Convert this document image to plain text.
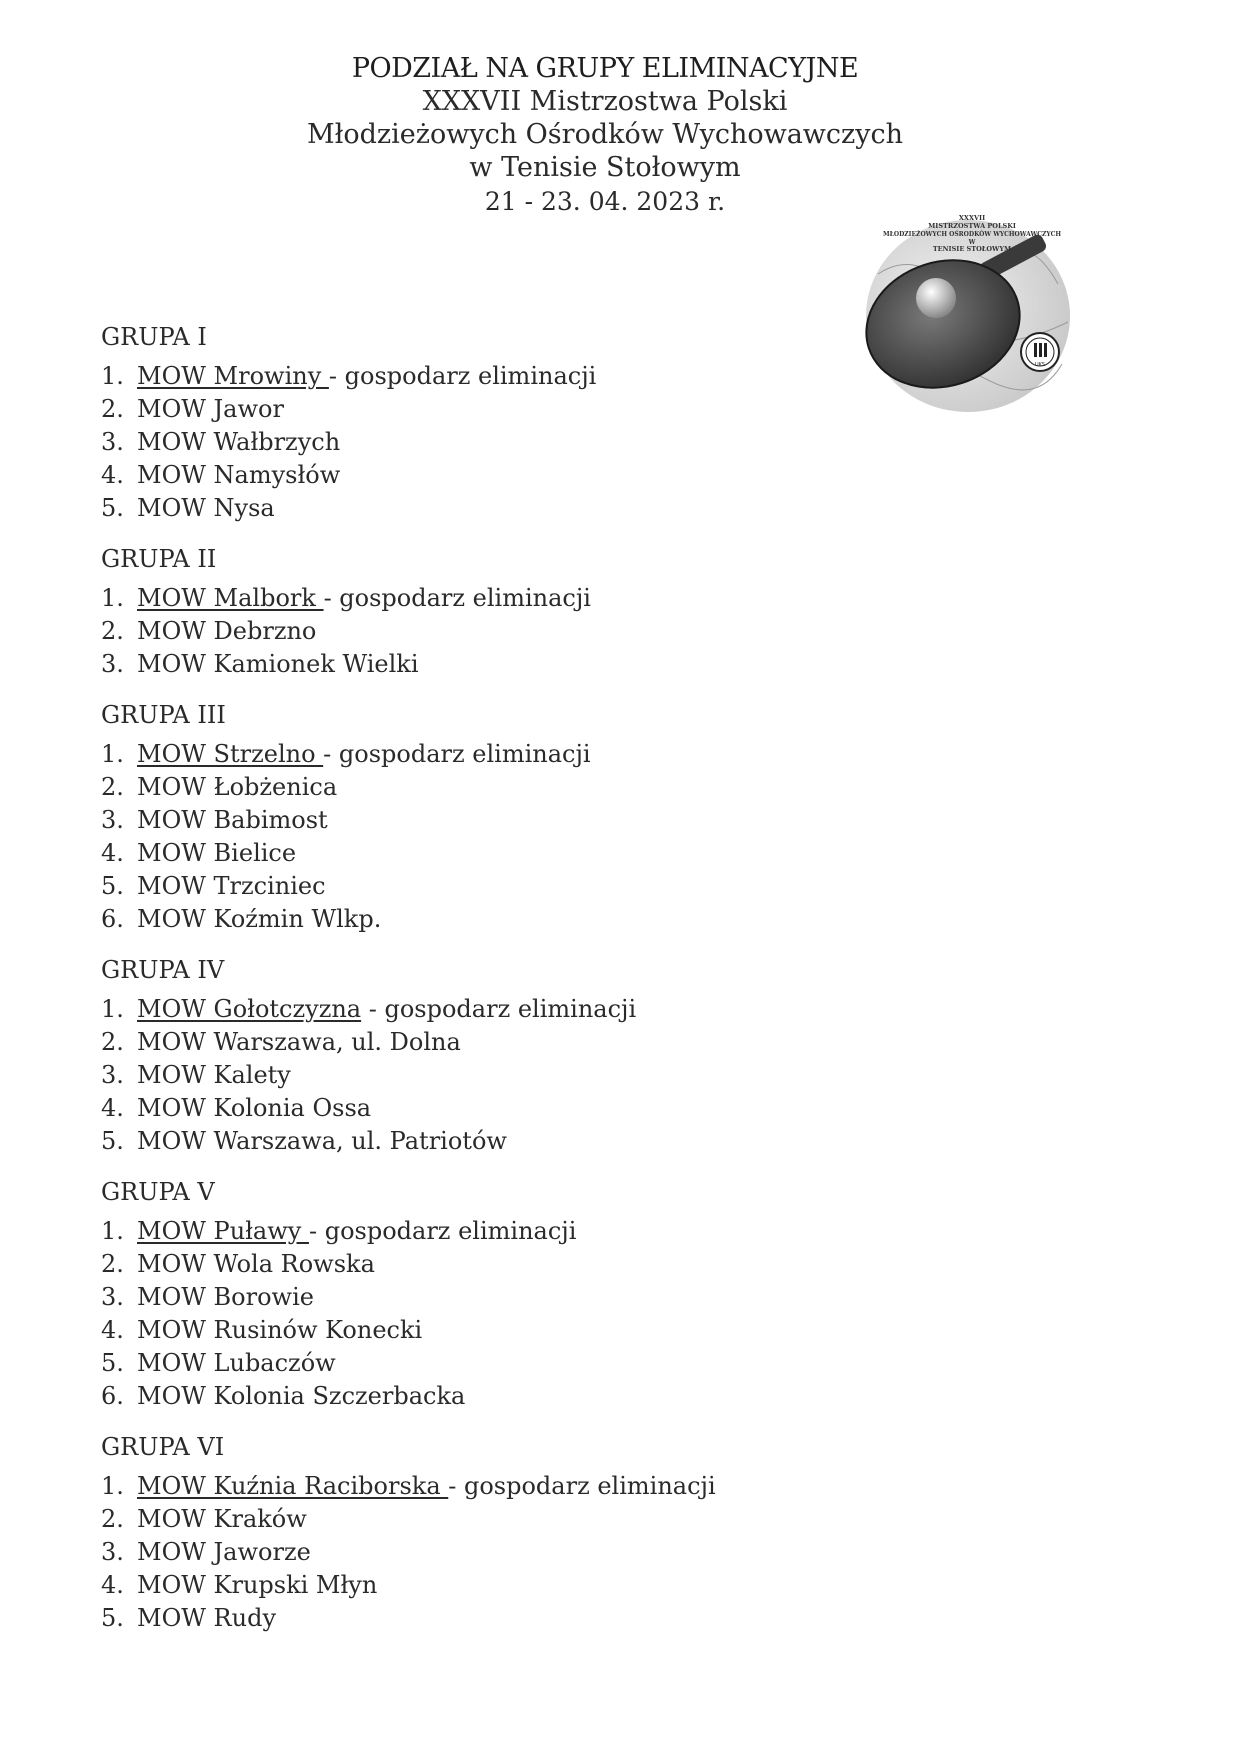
PODZIAŁ NA GRUPY ELIMINACYJNE
XXXVII Mistrzostwa Polski
Młodzieżowych Ośrodków Wychowawczych
w Tenisie Stołowym
21 - 23. 04. 2023 r.
UKS
XXXVII
MISTRZOSTWA POLSKI
MŁODZIEŻOWYCH OŚRODKÓW WYCHOWAWCZYCH
W
TENISIE STOŁOWYM
GRUPA I
1. MOW Mrowiny - gospodarz eliminacji
2. MOW Jawor
3. MOW Wałbrzych
4. MOW Namysłów
5. MOW Nysa
GRUPA II
1. MOW Malbork - gospodarz eliminacji
2. MOW Debrzno
3. MOW Kamionek Wielki
GRUPA III
1. MOW Strzelno - gospodarz eliminacji
2. MOW Łobżenica
3. MOW Babimost
4. MOW Bielice
5. MOW Trzciniec
6. MOW Koźmin Wlkp.
GRUPA IV
1. MOW Gołotczyzna - gospodarz eliminacji
2. MOW Warszawa, ul. Dolna
3. MOW Kalety
4. MOW Kolonia Ossa
5. MOW Warszawa, ul. Patriotów
GRUPA V
1. MOW Puławy - gospodarz eliminacji
2. MOW Wola Rowska
3. MOW Borowie
4. MOW Rusinów Konecki
5. MOW Lubaczów
6. MOW Kolonia Szczerbacka
GRUPA VI
1. MOW Kuźnia Raciborska - gospodarz eliminacji
2. MOW Kraków
3. MOW Jaworze
4. MOW Krupski Młyn
5. MOW Rudy
